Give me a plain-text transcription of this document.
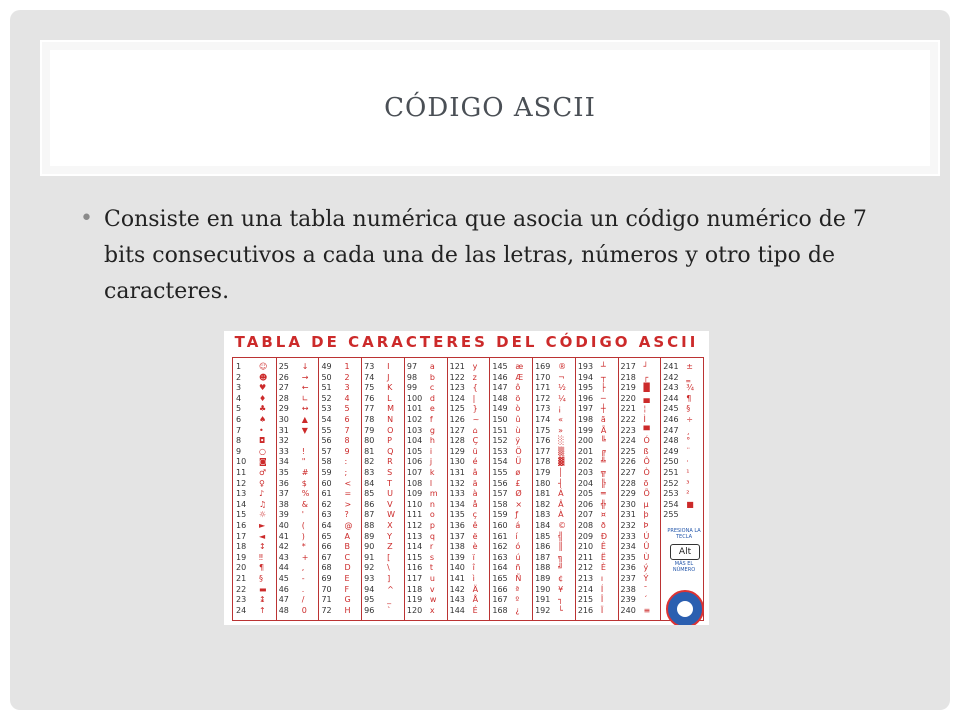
CÓDIGO ASCII
• Consiste en una tabla numérica que asocia un código numérico de 7 bits consecutivos a cada una de las letras, números y otro tipo de caracteres.
TABLA DE CARACTERES DEL CÓDIGO ASCII
PRESIONA LA TECLA
Alt
MÁS EL NÚMERO
1 ☺
2 ☻
3 ♥
4 ♦
5 ♣
6 ♠
7 •
8 ◘
9 ○
10 ◙
11 ♂
12 ♀
13 ♪
14 ♫
15 ☼
16 ►
17 ◄
18 ↕
19 ‼
20 ¶
21 §
22 ▬
23 ↨
24 ↑
25 ↓
26 →
27 ←
28 ∟
29 ↔
30 ▲
31 ▼
32
33 !
34 "
35 #
36 $
37 %
38 &
39 '
40 (
41 )
42 *
43 +
44 ,
45 -
46 .
47 /
48 0
49 1
50 2
51 3
52 4
53 5
54 6
55 7
56 8
57 9
58 :
59 ;
60 <
61 =
62 >
63 ?
64 @
65 A
66 B
67 C
68 D
69 E
70 F
71 G
72 H
73 I
74 J
75 K
76 L
77 M
78 N
79 O
80 P
81 Q
82 R
83 S
84 T
85 U
86 V
87 W
88 X
89 Y
90 Z
91 [
92 \
93 ]
94 ^
95 _
96 `
97 a
98 b
99 c
100 d
101 e
102 f
103 g
104 h
105 i
106 j
107 k
108 l
109 m
110 n
111 o
112 p
113 q
114 r
115 s
116 t
117 u
118 v
119 w
120 x
121 y
122 z
123 {
124 |
125 }
126 ~
127 ⌂
128 Ç
129 ü
130 é
131 â
132 ä
133 à
134 å
135 ç
136 ê
137 ë
138 è
139 ï
140 î
141 ì
142 Ä
143 Å
144 É
145 æ
146 Æ
147 ô
148 ö
149 ò
150 û
151 ù
152 ÿ
153 Ö
154 Ü
155 ø
156 £
157 Ø
158 ×
159 ƒ
160 á
161 í
162 ó
163 ú
164 ñ
165 Ñ
166 ª
167 º
168 ¿
169 ®
170 ¬
171 ½
172 ¼
173 ¡
174 «
175 »
176 ░
177 ▒
178 ▓
179 │
180 ┤
181 Á
182 Â
183 À
184 ©
185 ╣
186 ║
187 ╗
188 ╝
189 ¢
190 ¥
191 ┐
192 └
193 ┴
194 ┬
195 ├
196 ─
197 ┼
198 ã
199 Ã
200 ╚
201 ╔
202 ╩
203 ╦
204 ╠
205 ═
206 ╬
207 ¤
208 ð
209 Ð
210 Ê
211 Ë
212 È
213 ı
214 Í
215 Î
216 Ï
217 ┘
218 ┌
219 █
220 ▄
221 ¦
222 Ì
223 ▀
224 Ó
225 ß
226 Ô
227 Ò
228 õ
229 Õ
230 µ
231 þ
232 Þ
233 Ú
234 Û
235 Ù
236 ý
237 Ý
238 ¯
239 ´
240 ≡
241 ±
242 ‗
243 ¾
244 ¶
245 §
246 ÷
247 ¸
248 °
249 ¨
250 ·
251 ¹
252 ³
253 ²
254 ■
255
